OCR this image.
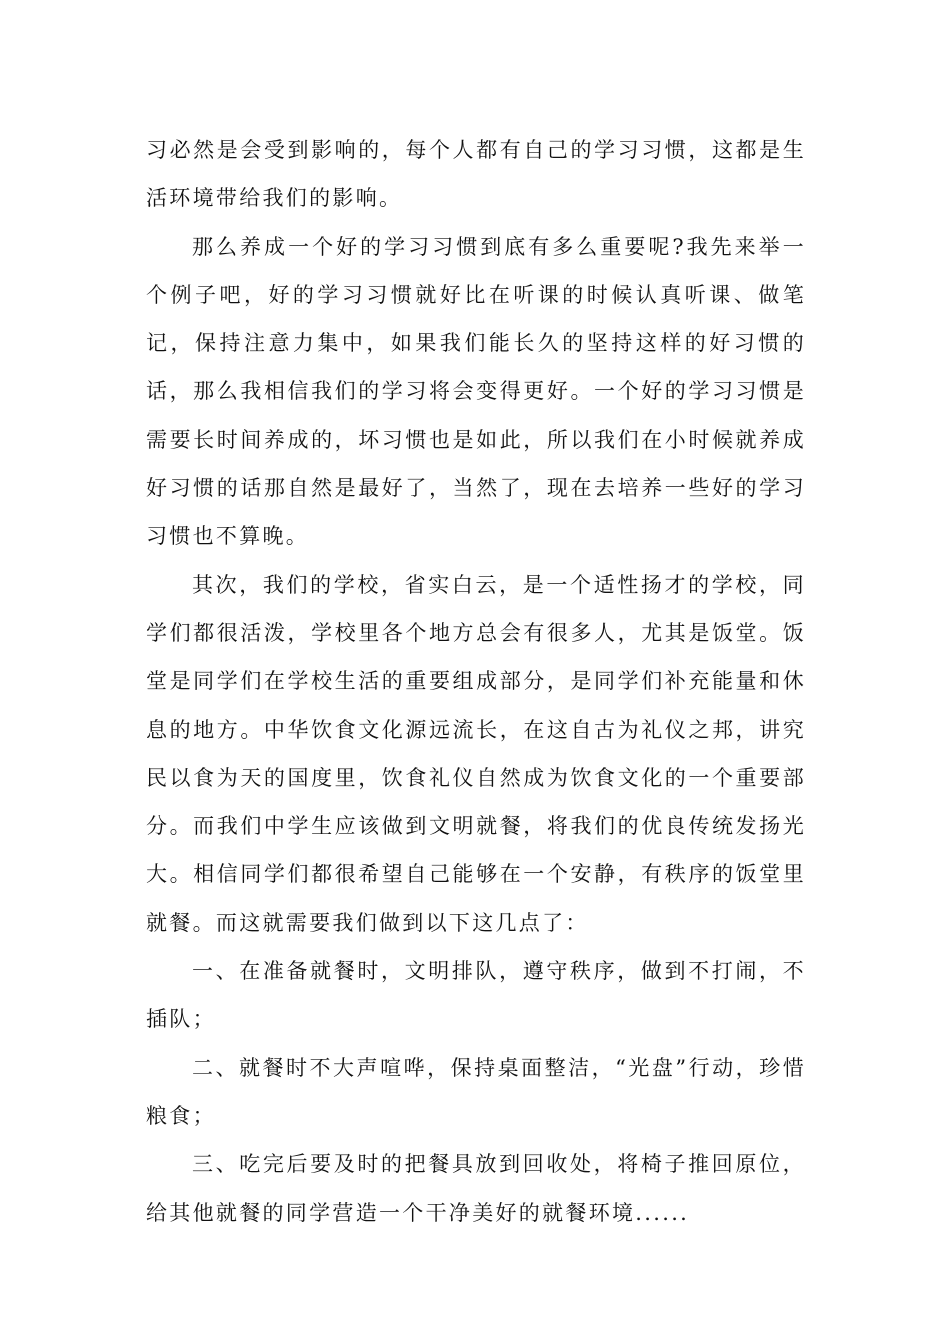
习必然是会受到影响的，每个人都有自己的学习习惯，这都是生活环境带给我们的影响。

那么养成一个好的学习习惯到底有多么重要呢?我先来举一个例子吧，好的学习习惯就好比在听课的时候认真听课、做笔记，保持注意力集中，如果我们能长久的坚持这样的好习惯的话，那么我相信我们的学习将会变得更好。一个好的学习习惯是需要长时间养成的，坏习惯也是如此，所以我们在小时候就养成好习惯的话那自然是最好了，当然了，现在去培养一些好的学习习惯也不算晚。

其次，我们的学校，省实白云，是一个适性扬才的学校，同学们都很活泼，学校里各个地方总会有很多人，尤其是饭堂。饭堂是同学们在学校生活的重要组成部分，是同学们补充能量和休息的地方。中华饮食文化源远流长，在这自古为礼仪之邦，讲究民以食为天的国度里，饮食礼仪自然成为饮食文化的一个重要部分。而我们中学生应该做到文明就餐，将我们的优良传统发扬光大。相信同学们都很希望自己能够在一个安静，有秩序的饭堂里就餐。而这就需要我们做到以下这几点了：

一、在准备就餐时，文明排队，遵守秩序，做到不打闹，不插队；

二、就餐时不大声喧哗，保持桌面整洁，“光盘”行动，珍惜粮食；

三、吃完后要及时的把餐具放到回收处，将椅子推回原位，给其他就餐的同学营造一个干净美好的就餐环境......
